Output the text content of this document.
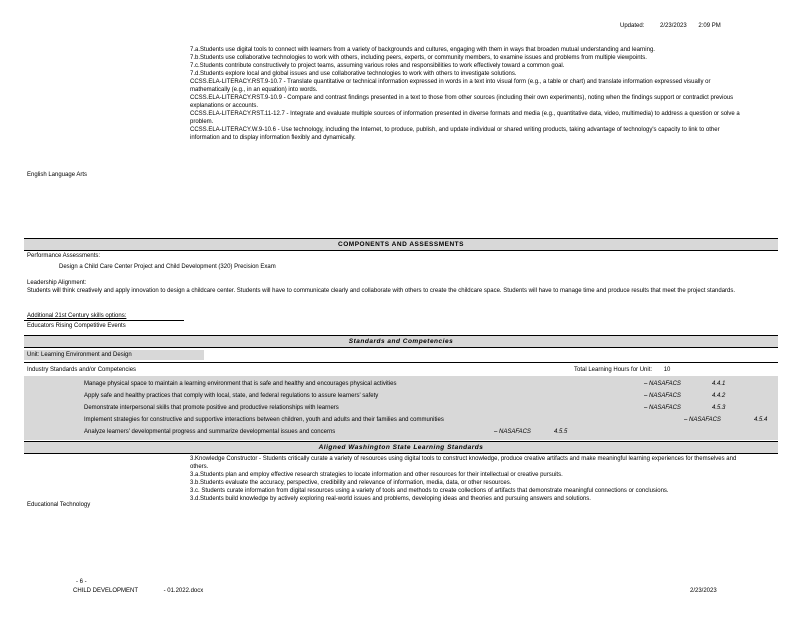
Updated:	2/23/2023 2:09 PM
English Language Arts

7.a.Students use digital tools to connect with learners from a variety of backgrounds and cultures, engaging with them in ways that broaden mutual understanding and learning.

7.b.Students use collaborative technologies to work with others, including peers, experts, or community members, to examine issues and problems from multiple viewpoints.

7.c.Students contribute constructively to project teams, assuming various roles and responsibilities to work effectively toward a common goal.

7.d.Students explore local and global issues and use collaborative technologies to work with others to investigate solutions.

CCSS.ELA-LITERACY.RST.9-10.7 - Translate quantitative or technical information expressed in words in a text into visual form (e.g., a table or chart) and translate information expressed visually or mathematically (e.g., in an equation) into words.

CCSS.ELA-LITERACY.RST.9-10.9 - Compare and contrast findings presented in a text to those from other sources (including their own experiments), noting when the findings support or contradict previous explanations or accounts.

CCSS.ELA-LITERACY.RST.11-12.7 - Integrate and evaluate multiple sources of information presented in diverse formats and media (e.g., quantitative data, video, multimedia) to address a question or solve a problem.

CCSS.ELA-LITERACY.W.9-10.6 - Use technology, including the Internet, to produce, publish, and update individual or shared writing products, taking advantage of technology's capacity to link to other information and to display information flexibly and dynamically.

COMPONENTS AND ASSESSMENTS
Performance Assessments:
Design a Child Care Center Project and Child Development (320) Precision Exam
Leadership Alignment:
Students will think creatively and apply innovation to design a childcare center. Students will have to communicate clearly and collaborate with others to create the childcare space. Students will have to manage time and produce results that meet the project standards.
Additional 21st Century skills options:
Educators Rising Competitive Events
Standards and Competencies
Unit: Learning Environment and Design
Industry Standards and/or Competencies	Total Learning Hours for Unit: 10
Manage physical space to maintain a learning environment that is safe and healthy and encourages physical activities	– NASAFACS	4.4.1
Apply safe and healthy practices that comply with local, state, and federal regulations to assure learners' safety	– NASAFACS	4.4.2
Demonstrate interpersonal skills that promote positive and productive relationships with learners	– NASAFACS	4.5.3
Implement strategies for constructive and supportive interactions between children, youth and adults and their families and communities	– NASAFACS	4.5.4
Analyze learners' developmental progress and summarize developmental issues and concerns	– NASAFACS	4.5.5
Aligned Washington State Learning Standards
Educational Technology

3.Knowledge Constructor - Students critically curate a variety of resources using digital tools to construct knowledge, produce creative artifacts and make meaningful learning experiences for themselves and others.

3.a.Students plan and employ effective research strategies to locate information and other resources for their intellectual or creative pursuits.

3.b.Students evaluate the accuracy, perspective, credibility and relevance of information, media, data, or other resources.

3.c. Students curate information from digital resources using a variety of tools and methods to create collections of artifacts that demonstrate meaningful connections or conclusions.

3.d.Students build knowledge by actively exploring real-world issues and problems, developing ideas and theories and pursuing answers and solutions.

- 6 -
CHILD DEVELOPMENT	- 01.2022.docx	2/23/2023
